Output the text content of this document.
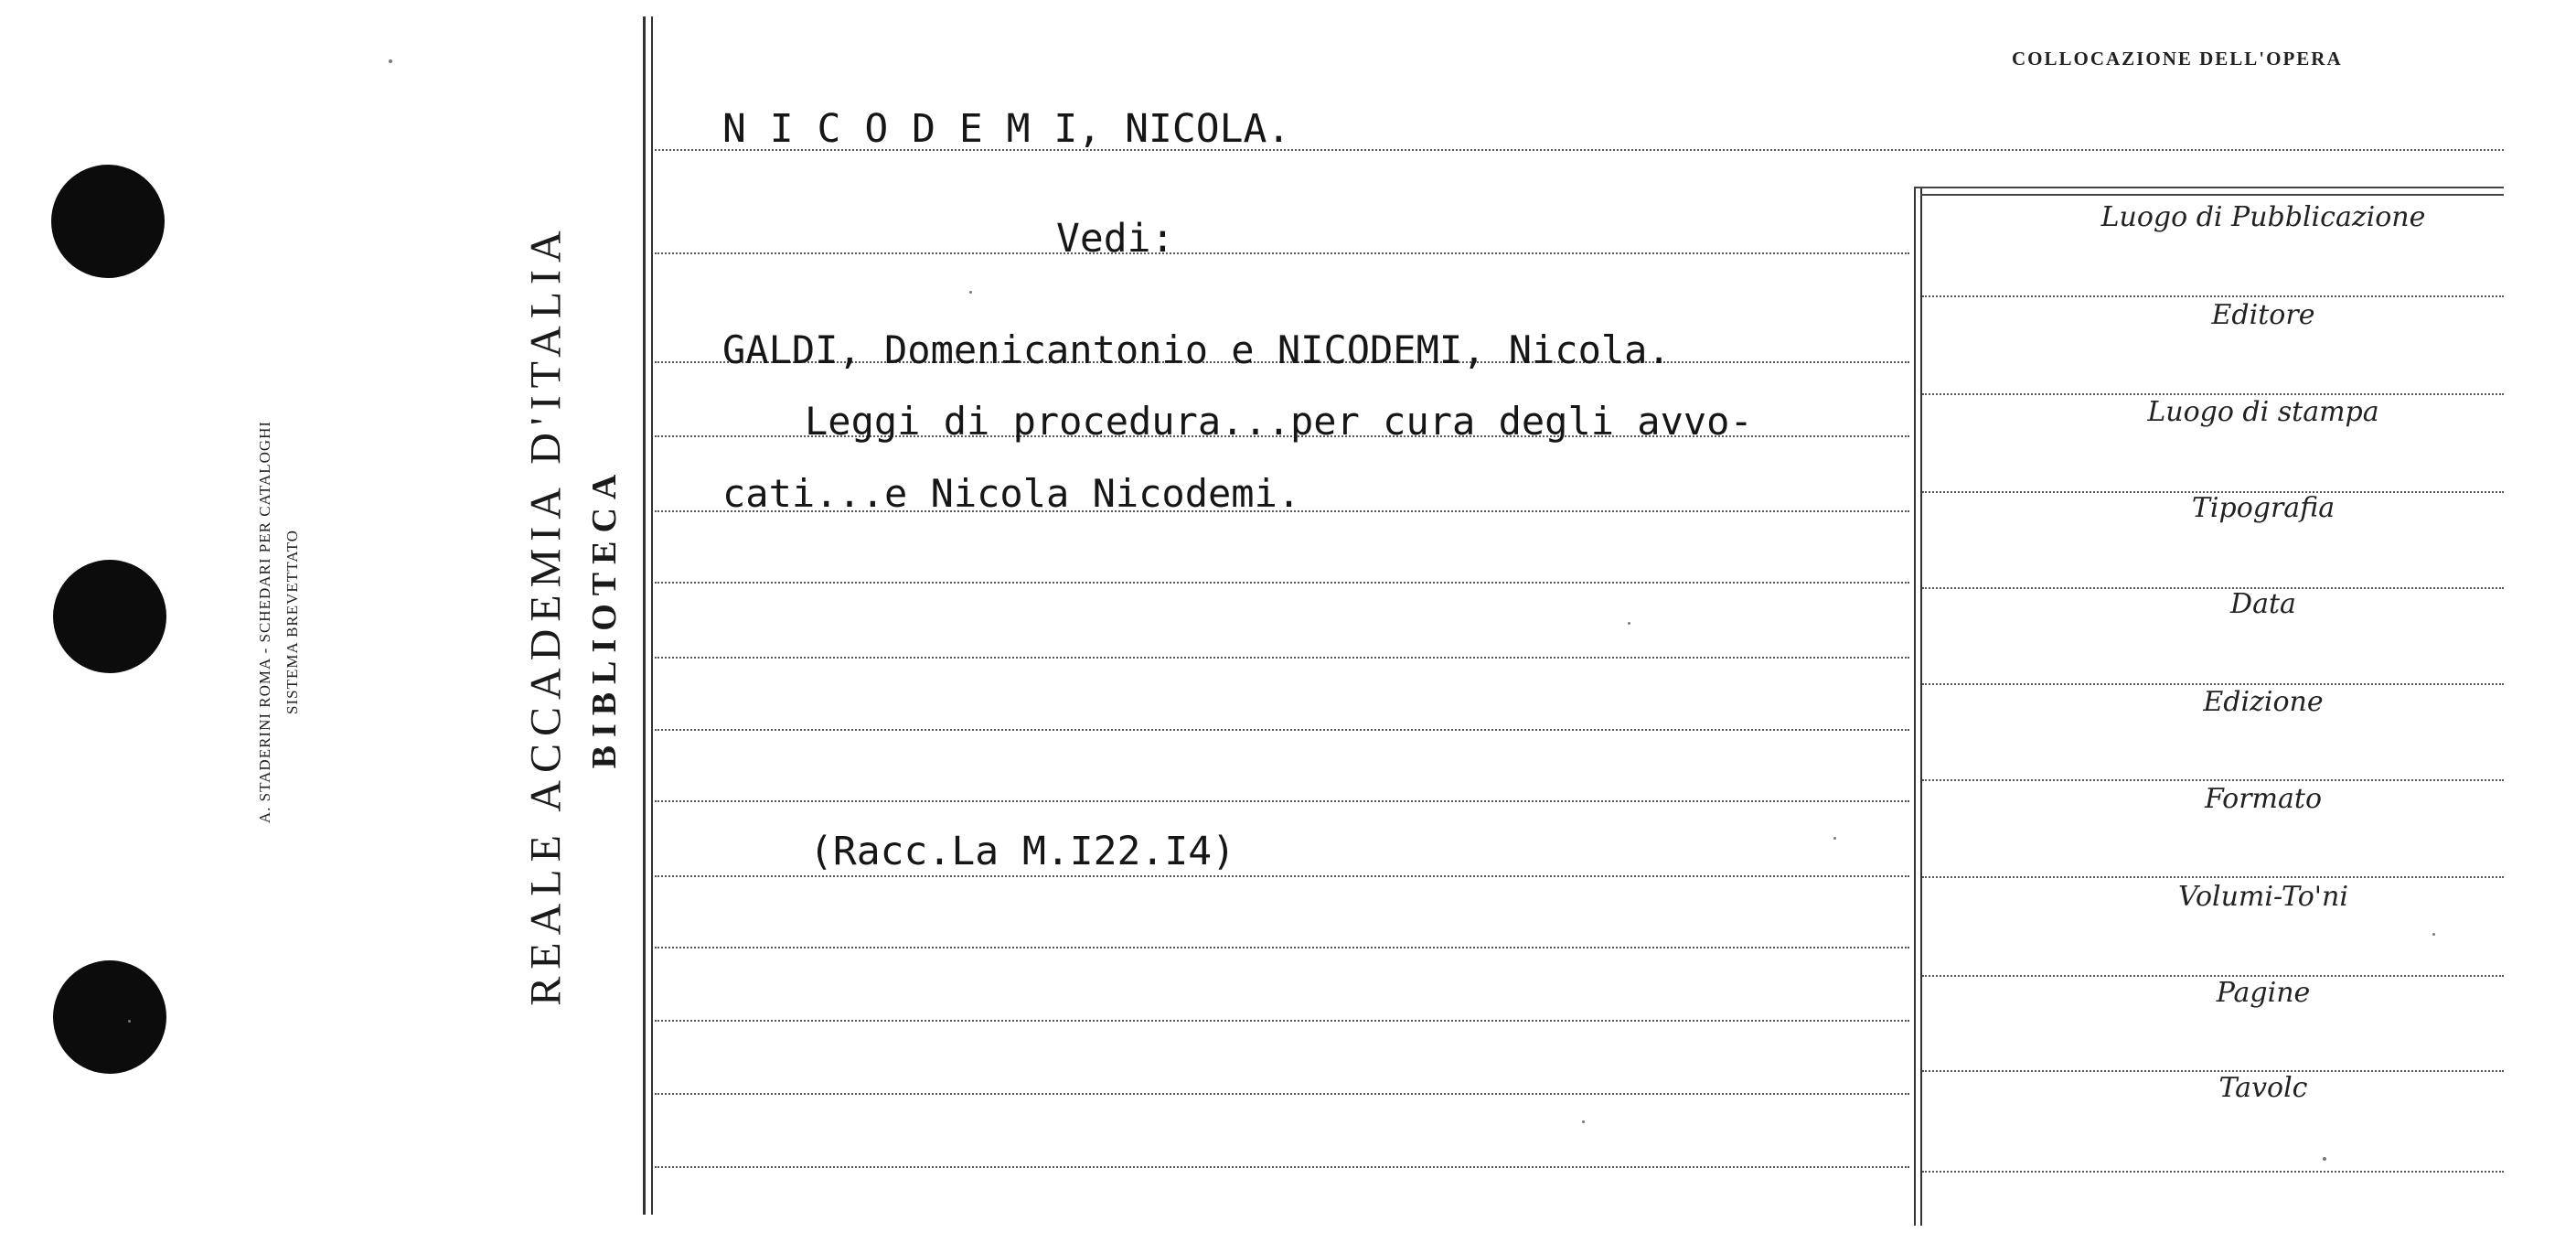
A. STADERINI ROMA - SCHEDARI PER CATALOGHI SISTEMA BREVETTATO	REALE ACCADEMIA D'ITALIA BIBLIOTECA
COLLOCAZIONE DELL'OPERA
Luogo di Pubblicazione
Editore
Luogo di stampa
Tipografia
Data
Edizione
Formato
Volumi-To'ni
Pagine
Tavolc
N I C O D E M I, NICOLA.
Vedi:
GALDI, Domenicantonio e NICODEMI, Nicola.
Leggi di procedura...per cura degli avvo-
cati...e Nicola Nicodemi.
(Racc.La M.I22.I4)
